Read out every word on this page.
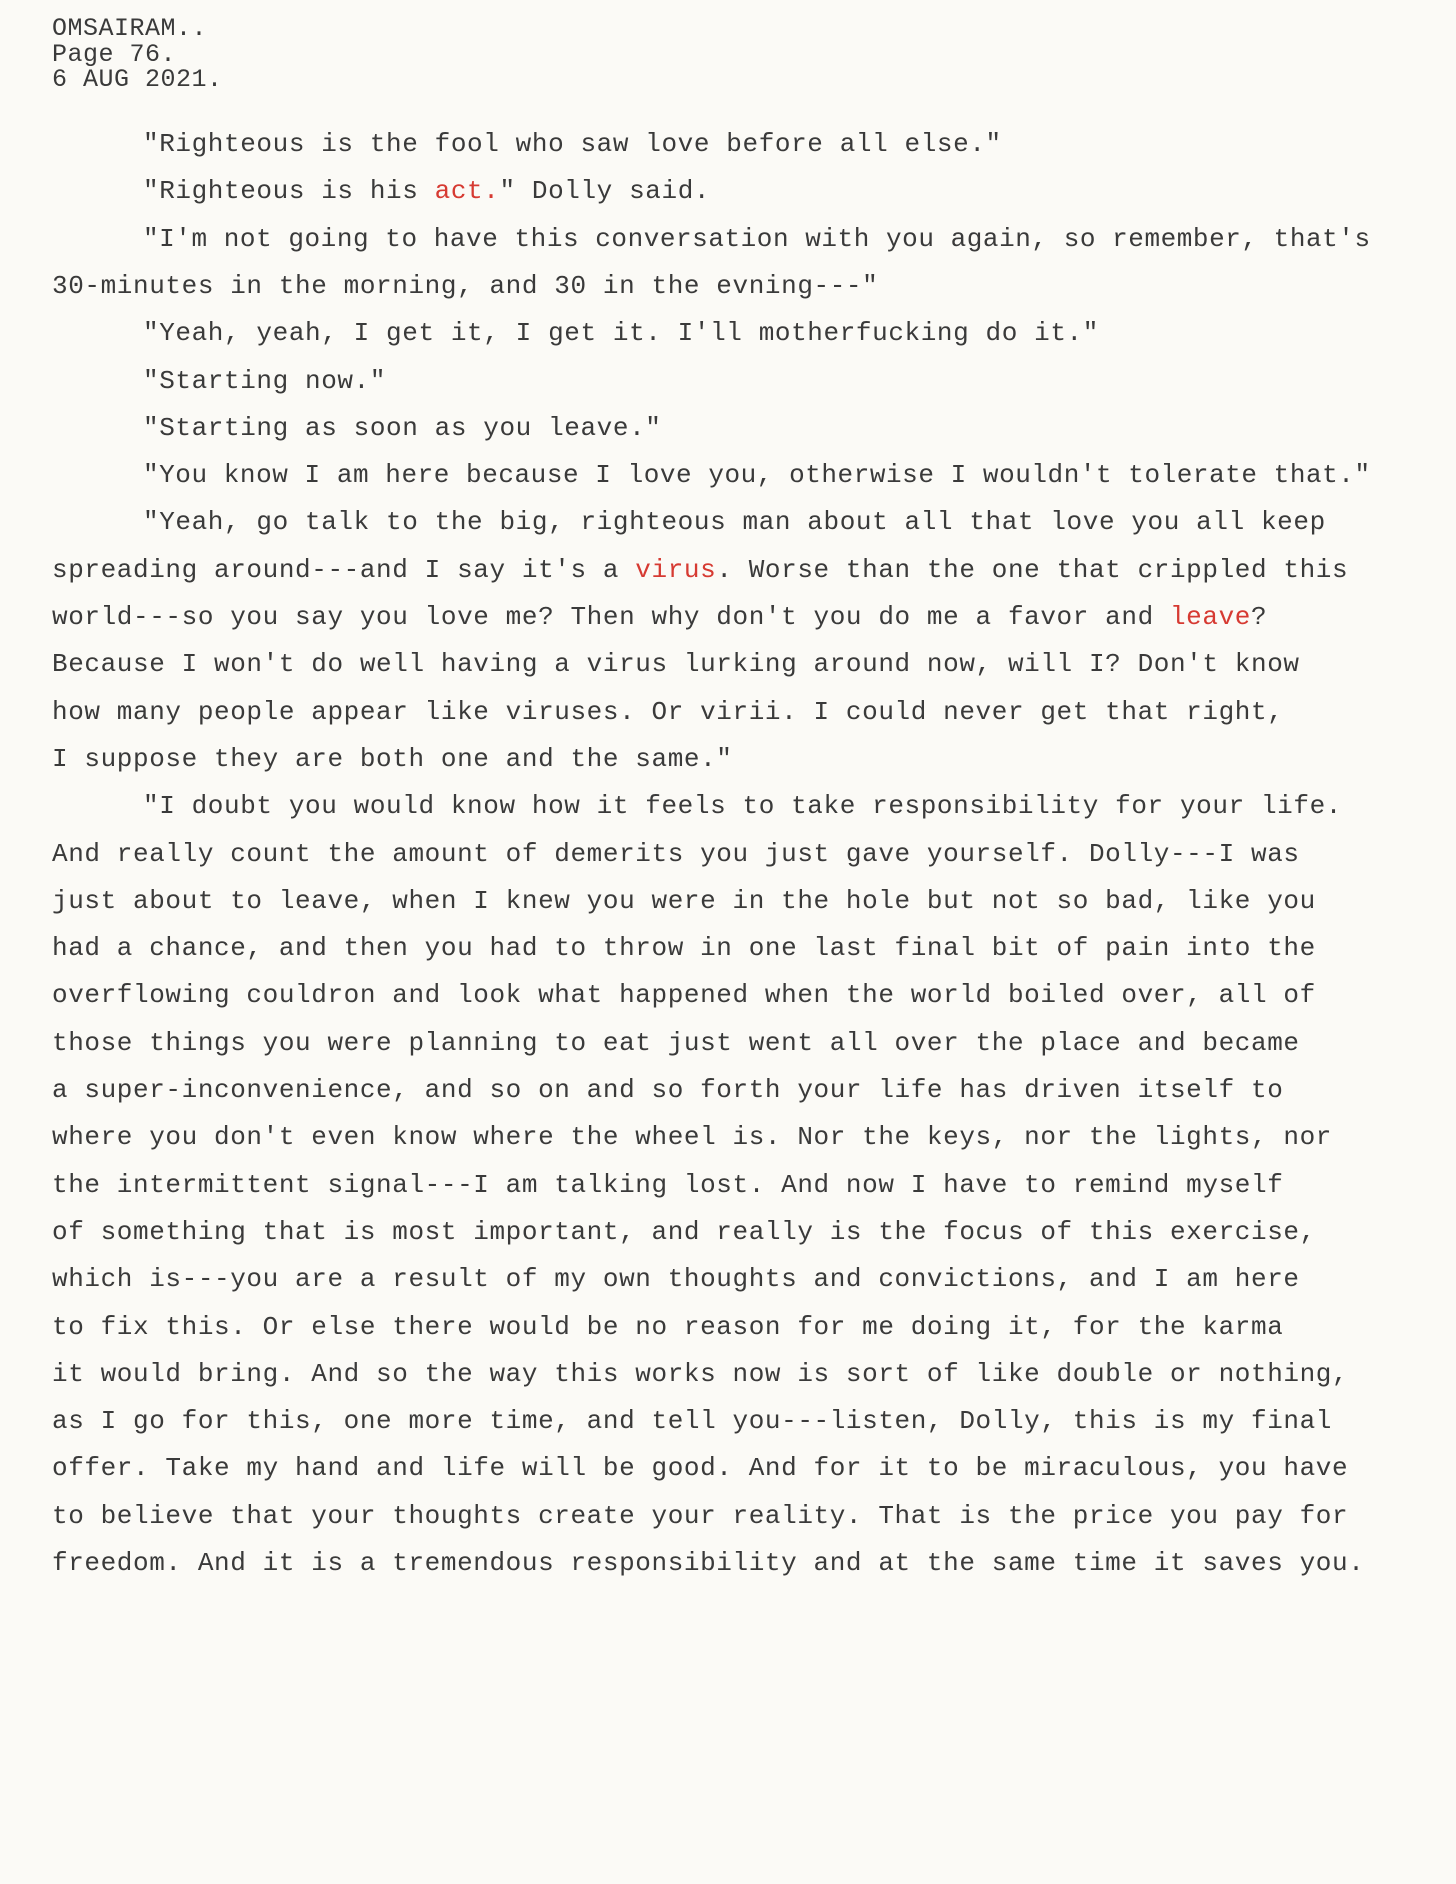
OMSAIRAM..
Page 76.
6 AUG 2021.
"Righteous is the fool who saw love before all else."
"Righteous is his act." Dolly said.
"I'm not going to have this conversation with you again, so remember, that's
30-minutes in the morning, and 30 in the evning---"
"Yeah, yeah, I get it, I get it. I'll motherfucking do it."
"Starting now."
"Starting as soon as you leave."
"You know I am here because I love you, otherwise I wouldn't tolerate that."
"Yeah, go talk to the big, righteous man about all that love you all keep
spreading around---and I say it's a virus. Worse than the one that crippled this
world---so you say you love me? Then why don't you do me a favor and leave?
Because I won't do well having a virus lurking around now, will I? Don't know
how many people appear like viruses. Or virii. I could never get that right,
I suppose they are both one and the same."
"I doubt you would know how it feels to take responsibility for your life.
And really count the amount of demerits you just gave yourself. Dolly---I was
just about to leave, when I knew you were in the hole but not so bad, like you
had a chance, and then you had to throw in one last final bit of pain into the
overflowing couldron and look what happened when the world boiled over, all of
those things you were planning to eat just went all over the place and became
a super-inconvenience, and so on and so forth your life has driven itself to
where you don't even know where the wheel is. Nor the keys, nor the lights, nor
the intermittent signal---I am talking lost. And now I have to remind myself
of something that is most important, and really is the focus of this exercise,
which is---you are a result of my own thoughts and convictions, and I am here
to fix this. Or else there would be no reason for me doing it, for the karma
it would bring. And so the way this works now is sort of like double or nothing,
as I go for this, one more time, and tell you---listen, Dolly, this is my final
offer. Take my hand and life will be good. And for it to be miraculous, you have
to believe that your thoughts create your reality. That is the price you pay for
freedom. And it is a tremendous responsibility and at the same time it saves you.
